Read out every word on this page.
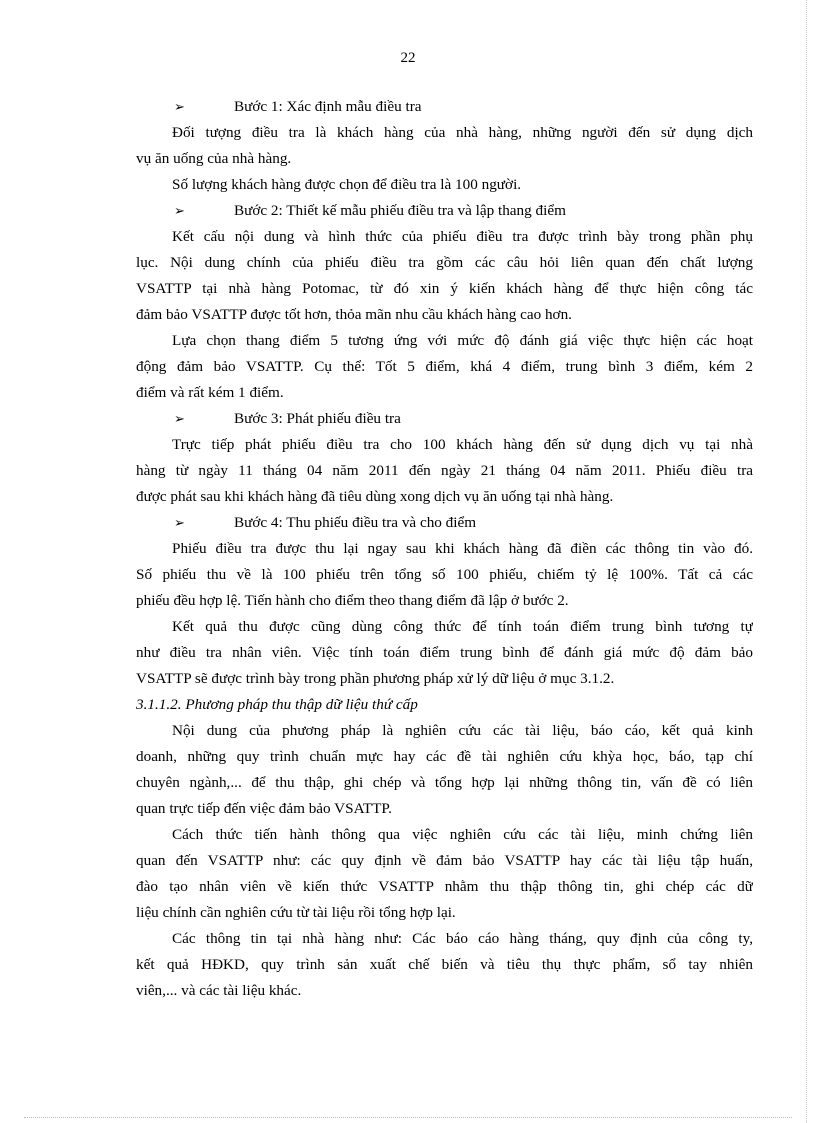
22
➢	Bước 1: Xác định mẫu điều tra
Đối tượng điều tra là khách hàng của nhà hàng, những người đến sử dụng dịch
vụ ăn uống của nhà hàng.
Số lượng khách hàng được chọn để điều tra là 100 người.
➢	Bước 2: Thiết kế mẫu phiếu điều tra và lập thang điểm
Kết cấu nội dung và hình thức của phiếu điều tra được trình bày trong phần phụ
lục. Nội dung chính của phiếu điều tra gồm các câu hỏi liên quan đến chất lượng
VSATTP tại nhà hàng Potomac, từ đó xin ý kiến khách hàng để thực hiện công tác
đảm bảo VSATTP được tốt hơn, thỏa mãn nhu cầu khách hàng cao hơn.
Lựa chọn thang điểm 5 tương ứng với mức độ đánh giá việc thực hiện các hoạt
động đảm bảo VSATTP. Cụ thể: Tốt 5 điểm, khá 4 điểm, trung bình 3 điểm, kém 2
điểm và rất kém 1 điểm.
➢	Bước 3: Phát phiếu điều tra
Trực tiếp phát phiếu điều tra cho 100 khách hàng đến sử dụng dịch vụ tại nhà
hàng từ ngày 11 tháng 04 năm 2011 đến ngày 21 tháng 04 năm 2011. Phiếu điều tra
được phát sau khi khách hàng đã tiêu dùng xong dịch vụ ăn uống tại nhà hàng.
➢	Bước 4: Thu phiếu điều tra và cho điểm
Phiếu điều tra được thu lại ngay sau khi khách hàng đã điền các thông tin vào đó.
Số phiếu thu về là 100 phiếu trên tổng số 100 phiếu, chiếm tỷ lệ 100%. Tất cả các
phiếu đều hợp lệ. Tiến hành cho điểm theo thang điểm đã lập ở bước 2.
Kết quả thu được cũng dùng công thức để tính toán điểm trung bình tương tự
như điều tra nhân viên. Việc tính toán điểm trung bình để đánh giá mức độ đảm bảo
VSATTP sẽ được trình bày trong phần phương pháp xử lý dữ liệu ở mục 3.1.2.
3.1.1.2. Phương pháp thu thập dữ liệu thứ cấp
Nội dung của phương pháp là nghiên cứu các tài liệu, báo cáo, kết quả kinh
doanh, những quy trình chuẩn mực hay các đề tài nghiên cứu khỳa học, báo, tạp chí
chuyên ngành,... để thu thập, ghi chép và tổng hợp lại những thông tin, vấn đề có liên
quan trực tiếp đến việc đảm bảo VSATTP.
Cách thức tiến hành thông qua việc nghiên cứu các tài liệu, minh chứng liên
quan đến VSATTP như: các quy định về đảm bảo VSATTP hay các tài liệu tập huấn,
đào tạo nhân viên về kiến thức VSATTP nhằm thu thập thông tin, ghi chép các dữ
liệu chính cần nghiên cứu từ tài liệu rồi tổng hợp lại.
Các thông tin tại nhà hàng như: Các báo cáo hàng tháng, quy định của công ty,
kết quả HĐKD, quy trình sản xuất chế biến và tiêu thụ thực phẩm, sổ tay nhiên
viên,... và các tài liệu khác.
